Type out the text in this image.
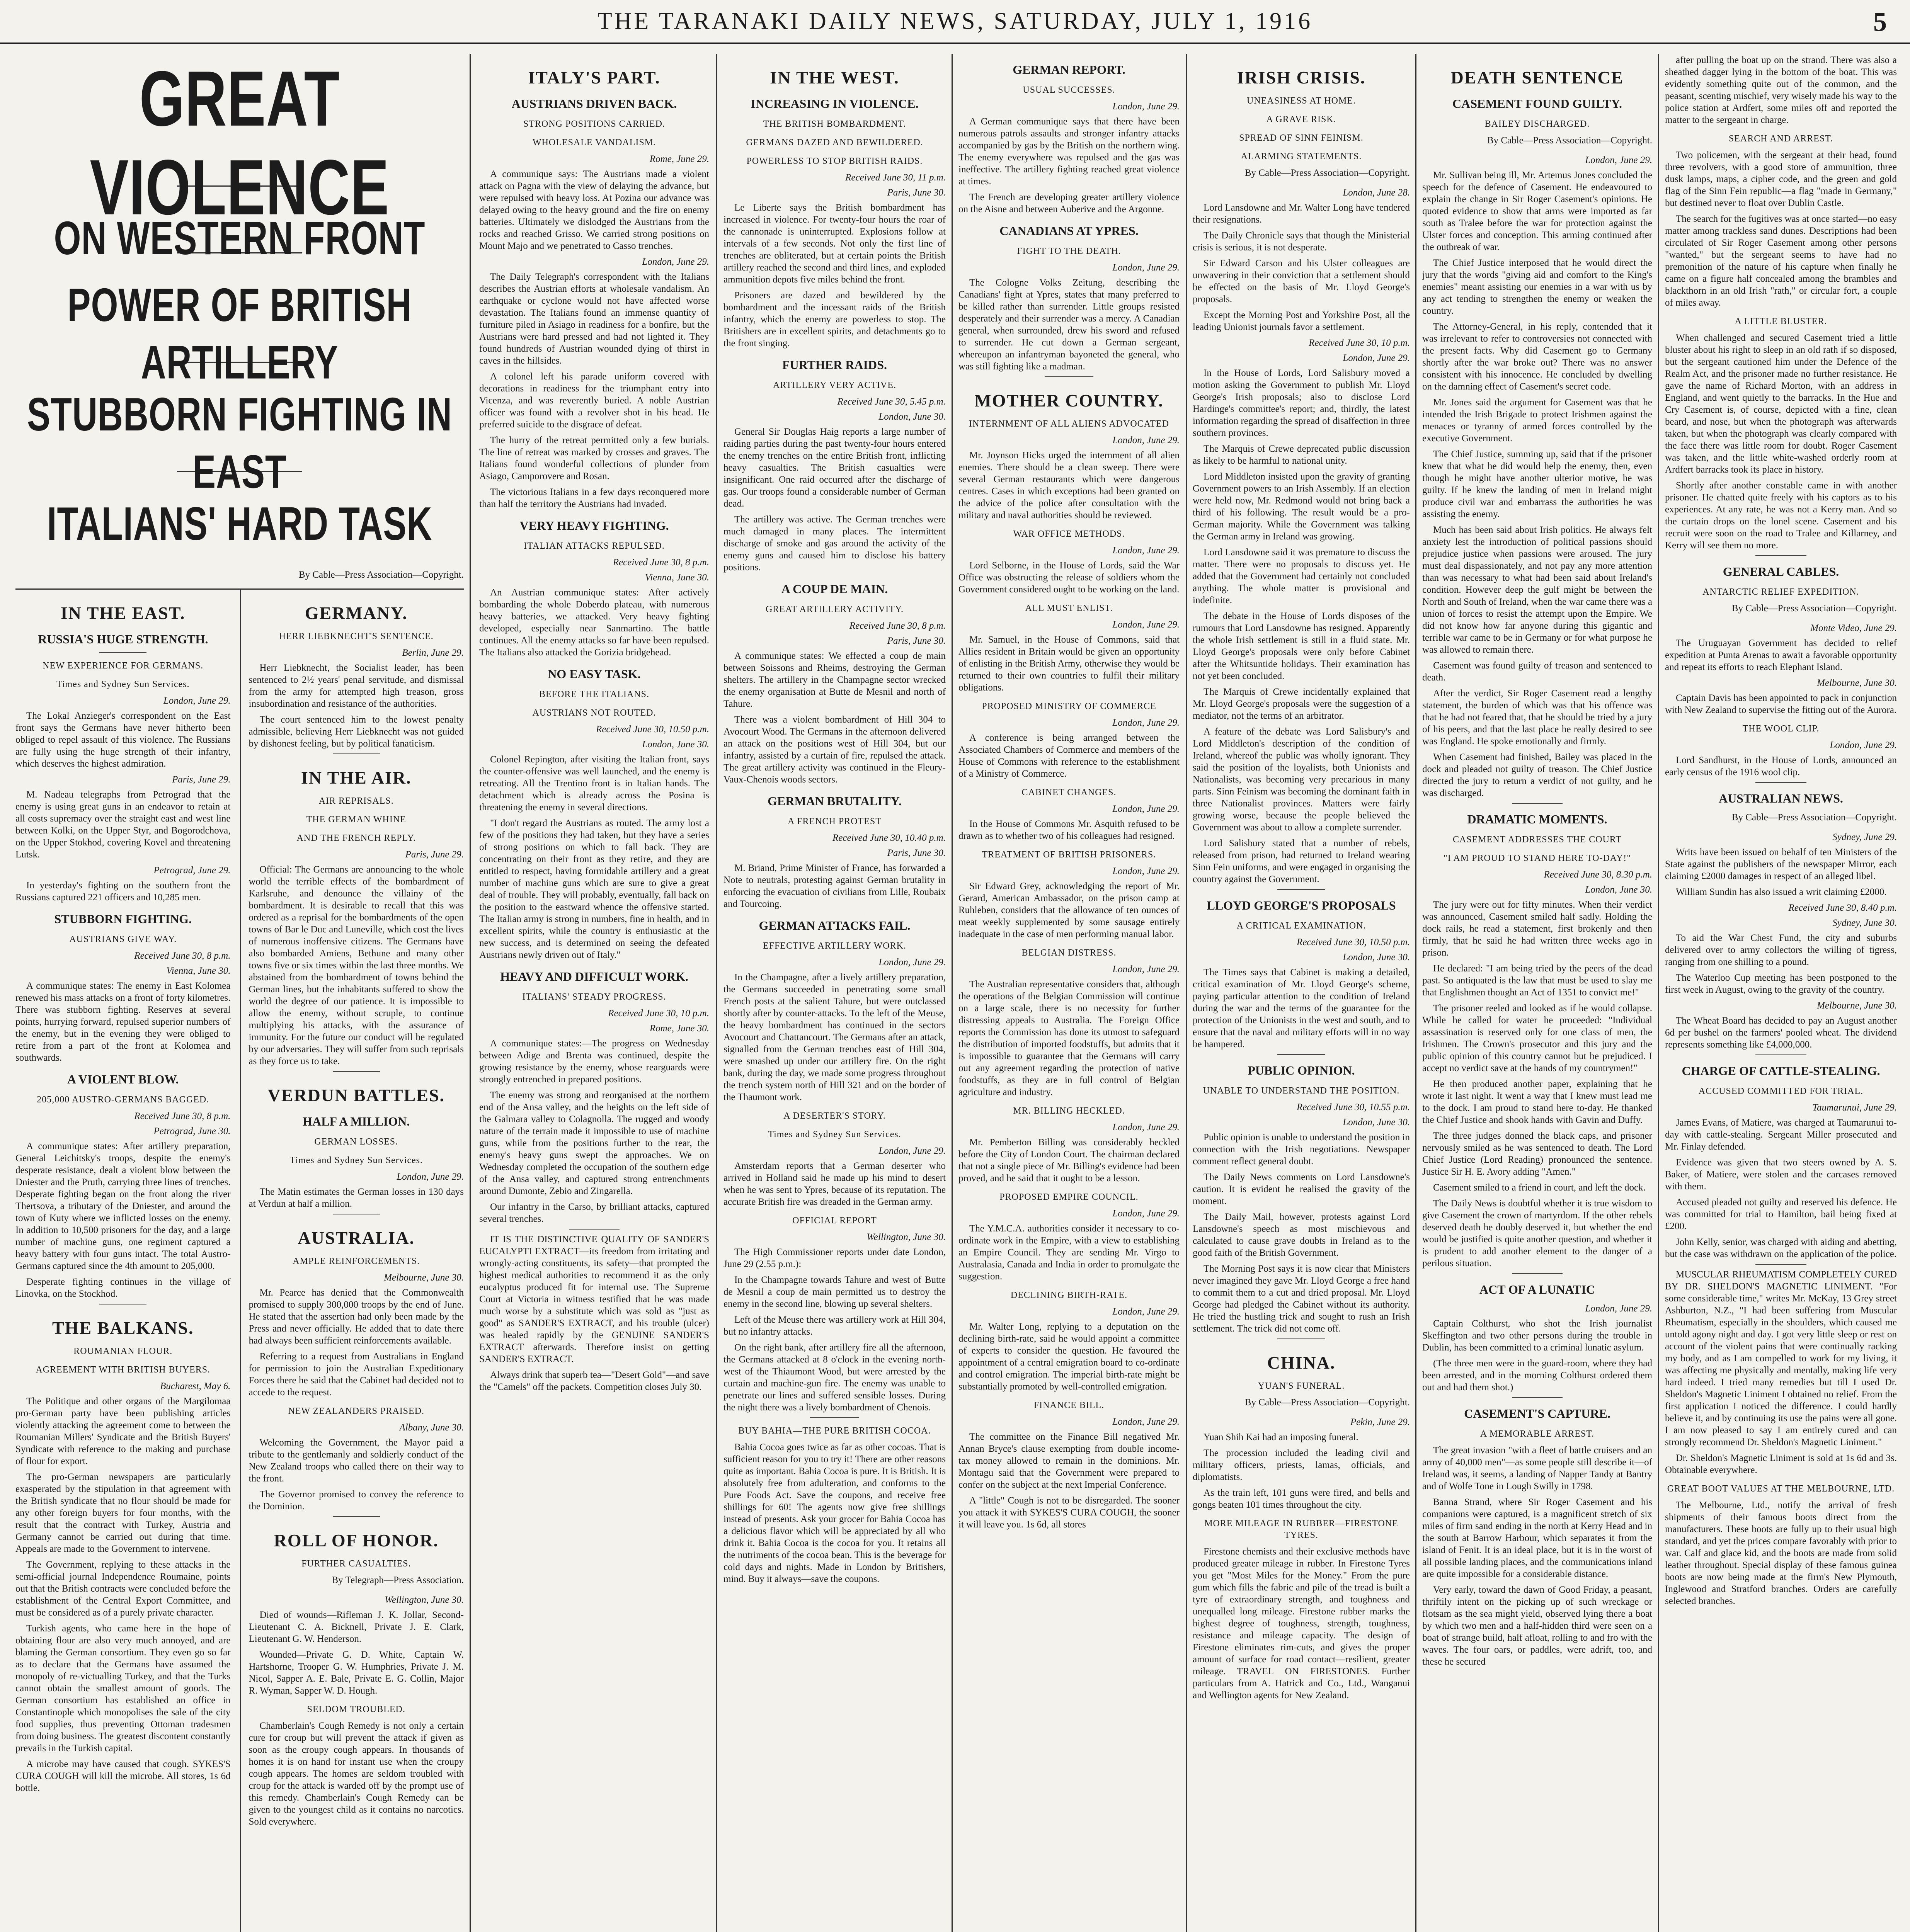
THE TARANAKI DAILY NEWS, SATURDAY, JULY 1, 1916	5
GREAT VIOLENCE
ON WESTERN FRONT
POWER OF BRITISH ARTILLERY
STUBBORN FIGHTING IN EAST
ITALIANS' HARD TASK
By Cable—Press Association—Copyright.
IN THE EAST.
RUSSIA'S HUGE STRENGTH.
NEW EXPERIENCE FOR GERMANS.
Times and Sydney Sun Services.
London, June 29.

The Lokal Anzieger's correspondent on the East front says the Germans have never hitherto been obliged to repel assault of this violence. The Russians are fully using the huge strength of their infantry, which deserves the highest admiration.

Paris, June 29.

M. Nadeau telegraphs from Petrograd that the enemy is using great guns in an endeavor to retain at all costs supremacy over the straight east and west line between Kolki, on the Upper Styr, and Bogorodchova, on the Upper Stokhod, covering Kovel and threatening Lutsk.

Petrograd, June 29.

In yesterday's fighting on the southern front the Russians captured 221 officers and 10,285 men.

STUBBORN FIGHTING.
AUSTRIANS GIVE WAY.
Received June 30, 8 p.m.
Vienna, June 30.

A communique states: The enemy in East Kolomea renewed his mass attacks on a front of forty kilometres. There was stubborn fighting. Reserves at several points, hurrying forward, repulsed superior numbers of the enemy, but in the evening they were obliged to retire from a part of the front at Kolomea and southwards.

A VIOLENT BLOW.
205,000 AUSTRO-GERMANS BAGGED.
Received June 30, 8 p.m.
Petrograd, June 30.

A communique states: After artillery preparation, General Leichitsky's troops, despite the enemy's desperate resistance, dealt a violent blow between the Dniester and the Pruth, carrying three lines of trenches. Desperate fighting began on the front along the river Thertsova, a tributary of the Dniester, and around the town of Kuty where we inflicted losses on the enemy. In addition to 10,500 prisoners for the day, and a large number of machine guns, one regiment captured a heavy battery with four guns intact. The total Austro-Germans captured since the 4th amount to 205,000.

Desperate fighting continues in the village of Linovka, on the Stockhod.

THE BALKANS.
ROUMANIAN FLOUR.
AGREEMENT WITH BRITISH BUYERS.
Bucharest, May 6.

The Politique and other organs of the Margilomaa pro-German party have been publishing articles violently attacking the agreement come to between the Roumanian Millers' Syndicate and the British Buyers' Syndicate with reference to the making and purchase of flour for export.

The pro-German newspapers are particularly exasperated by the stipulation in that agreement with the British syndicate that no flour should be made for any other foreign buyers for four months, with the result that the contract with Turkey, Austria and Germany cannot be carried out during that time. Appeals are made to the Government to intervene.

The Government, replying to these attacks in the semi-official journal Independence Roumaine, points out that the British contracts were concluded before the establishment of the Central Export Committee, and must be considered as of a purely private character.

Turkish agents, who came here in the hope of obtaining flour are also very much annoyed, and are blaming the German consortium. They even go so far as to declare that the Germans have assumed the monopoly of re-victualling Turkey, and that the Turks cannot obtain the smallest amount of goods. The German consortium has established an office in Constantinople which monopolises the sale of the city food supplies, thus preventing Ottoman tradesmen from doing business. The greatest discontent constantly prevails in the Turkish capital.

A microbe may have caused that cough. SYKES'S CURA COUGH will kill the microbe. All stores, 1s 6d bottle.

GERMANY.
HERR LIEBKNECHT'S SENTENCE.
Berlin, June 29.

Herr Liebknecht, the Socialist leader, has been sentenced to 2½ years' penal servitude, and dismissal from the army for attempted high treason, gross insubordination and resistance of the authorities.

The court sentenced him to the lowest penalty admissible, believing Herr Liebknecht was not guided by dishonest feeling, but by political fanaticism.

IN THE AIR.
AIR REPRISALS.
THE GERMAN WHINE
AND THE FRENCH REPLY.
Paris, June 29.

Official: The Germans are announcing to the whole world the terrible effects of the bombardment of Karlsruhe, and denounce the villainy of the bombardment. It is desirable to recall that this was ordered as a reprisal for the bombardments of the open towns of Bar le Duc and Luneville, which cost the lives of numerous inoffensive citizens. The Germans have also bombarded Amiens, Bethune and many other towns five or six times within the last three months. We abstained from the bombardment of towns behind the German lines, but the inhabitants suffered to show the world the degree of our patience. It is impossible to allow the enemy, without scruple, to continue multiplying his attacks, with the assurance of immunity. For the future our conduct will be regulated by our adversaries. They will suffer from such reprisals as they force us to take.

VERDUN BATTLES.
HALF A MILLION.
GERMAN LOSSES.
Times and Sydney Sun Services.
London, June 29.

The Matin estimates the German losses in 130 days at Verdun at half a million.

AUSTRALIA.
AMPLE REINFORCEMENTS.
Melbourne, June 30.

Mr. Pearce has denied that the Commonwealth promised to supply 300,000 troops by the end of June. He stated that the assertion had only been made by the Press and never officially. He added that to date there had always been sufficient reinforcements available.

Referring to a request from Australians in England for permission to join the Australian Expeditionary Forces there he said that the Cabinet had decided not to accede to the request.

NEW ZEALANDERS PRAISED.
Albany, June 30.

Welcoming the Government, the Mayor paid a tribute to the gentlemanly and soldierly conduct of the New Zealand troops who called there on their way to the front.

The Governor promised to convey the reference to the Dominion.

ROLL OF HONOR.
FURTHER CASUALTIES.
By Telegraph—Press Association.
Wellington, June 30.

Died of wounds—Rifleman J. K. Jollar, Second-Lieutenant C. A. Bicknell, Private J. E. Clark, Lieutenant G. W. Henderson.

Wounded—Private G. D. White, Captain W. Hartshorne, Trooper G. W. Humphries, Private J. M. Nicol, Sapper A. E. Bale, Private E. G. Collin, Major R. Wyman, Sapper W. D. Hough.

SELDOM TROUBLED.

Chamberlain's Cough Remedy is not only a certain cure for croup but will prevent the attack if given as soon as the croupy cough appears. In thousands of homes it is on hand for instant use when the croupy cough appears. The homes are seldom troubled with croup for the attack is warded off by the prompt use of this remedy. Chamberlain's Cough Remedy can be given to the youngest child as it contains no narcotics. Sold everywhere.

ITALY'S PART.
AUSTRIANS DRIVEN BACK.
STRONG POSITIONS CARRIED.
WHOLESALE VANDALISM.
Rome, June 29.

A communique says: The Austrians made a violent attack on Pagna with the view of delaying the advance, but were repulsed with heavy loss. At Pozina our advance was delayed owing to the heavy ground and the fire on enemy batteries. Ultimately we dislodged the Austrians from the rocks and reached Grisso. We carried strong positions on Mount Majo and we penetrated to Casso trenches.

London, June 29.

The Daily Telegraph's correspondent with the Italians describes the Austrian efforts at wholesale vandalism. An earthquake or cyclone would not have affected worse devastation. The Italians found an immense quantity of furniture piled in Asiago in readiness for a bonfire, but the Austrians were hard pressed and had not lighted it. They found hundreds of Austrian wounded dying of thirst in caves in the hillsides.

A colonel left his parade uniform covered with decorations in readiness for the triumphant entry into Vicenza, and was reverently buried. A noble Austrian officer was found with a revolver shot in his head. He preferred suicide to the disgrace of defeat.

The hurry of the retreat permitted only a few burials. The line of retreat was marked by crosses and graves. The Italians found wonderful collections of plunder from Asiago, Camporovere and Rosan.

The victorious Italians in a few days reconquered more than half the territory the Austrians had invaded.

VERY HEAVY FIGHTING.
ITALIAN ATTACKS REPULSED.
Received June 30, 8 p.m.
Vienna, June 30.

An Austrian communique states: After actively bombarding the whole Doberdo plateau, with numerous heavy batteries, we attacked. Very heavy fighting developed, especially near Sanmartino. The battle continues. All the enemy attacks so far have been repulsed. The Italians also attacked the Gorizia bridgehead.

NO EASY TASK.
BEFORE THE ITALIANS.
AUSTRIANS NOT ROUTED.
Received June 30, 10.50 p.m.
London, June 30.

Colonel Repington, after visiting the Italian front, says the counter-offensive was well launched, and the enemy is retreating. All the Trentino front is in Italian hands. The detachment which is already across the Posina is threatening the enemy in several directions.

"I don't regard the Austrians as routed. The army lost a few of the positions they had taken, but they have a series of strong positions on which to fall back. They are concentrating on their front as they retire, and they are entitled to respect, having formidable artillery and a great number of machine guns which are sure to give a great deal of trouble. They will probably, eventually, fall back on the position to the eastward whence the offensive started. The Italian army is strong in numbers, fine in health, and in excellent spirits, while the country is enthusiastic at the new success, and is determined on seeing the defeated Austrians newly driven out of Italy."

HEAVY AND DIFFICULT WORK.
ITALIANS' STEADY PROGRESS.
Received June 30, 10 p.m.
Rome, June 30.

A communique states:—The progress on Wednesday between Adige and Brenta was continued, despite the growing resistance by the enemy, whose rearguards were strongly entrenched in prepared positions.

The enemy was strong and reorganised at the northern end of the Ansa valley, and the heights on the left side of the Galmara valley to Colagnolla. The rugged and woody nature of the terrain made it impossible to use of machine guns, while from the positions further to the rear, the enemy's heavy guns swept the approaches. We on Wednesday completed the occupation of the southern edge of the Ansa valley, and captured strong entrenchments around Dumonte, Zebio and Zingarella.

Our infantry in the Carso, by brilliant attacks, captured several trenches.

IT IS THE DISTINCTIVE QUALITY OF SANDER'S EUCALYPTI EXTRACT—its freedom from irritating and wrongly-acting constituents, its safety—that prompted the highest medical authorities to recommend it as the only eucalyptus produced fit for internal use. The Supreme Court at Victoria in witness testified that he was made much worse by a substitute which was sold as "just as good" as SANDER'S EXTRACT, and his trouble (ulcer) was healed rapidly by the GENUINE SANDER'S EXTRACT afterwards. Therefore insist on getting SANDER'S EXTRACT.

Always drink that superb tea—"Desert Gold"—and save the "Camels" off the packets. Competition closes July 30.

IN THE WEST.
INCREASING IN VIOLENCE.
THE BRITISH BOMBARDMENT.
GERMANS DAZED AND BEWILDERED.
POWERLESS TO STOP BRITISH RAIDS.
Received June 30, 11 p.m.
Paris, June 30.

Le Liberte says the British bombardment has increased in violence. For twenty-four hours the roar of the cannonade is uninterrupted. Explosions follow at intervals of a few seconds. Not only the first line of trenches are obliterated, but at certain points the British artillery reached the second and third lines, and exploded ammunition depots five miles behind the front.

Prisoners are dazed and bewildered by the bombardment and the incessant raids of the British infantry, which the enemy are powerless to stop. The Britishers are in excellent spirits, and detachments go to the front singing.

FURTHER RAIDS.
ARTILLERY VERY ACTIVE.
Received June 30, 5.45 p.m.
London, June 30.

General Sir Douglas Haig reports a large number of raiding parties during the past twenty-four hours entered the enemy trenches on the entire British front, inflicting heavy casualties. The British casualties were insignificant. One raid occurred after the discharge of gas. Our troops found a considerable number of German dead.

The artillery was active. The German trenches were much damaged in many places. The intermittent discharge of smoke and gas around the activity of the enemy guns and caused him to disclose his battery positions.

A COUP DE MAIN.
GREAT ARTILLERY ACTIVITY.
Received June 30, 8 p.m.
Paris, June 30.

A communique states: We effected a coup de main between Soissons and Rheims, destroying the German shelters. The artillery in the Champagne sector wrecked the enemy organisation at Butte de Mesnil and north of Tahure.

There was a violent bombardment of Hill 304 to Avocourt Wood. The Germans in the afternoon delivered an attack on the positions west of Hill 304, but our infantry, assisted by a curtain of fire, repulsed the attack. The great artillery activity was continued in the Fleury-Vaux-Chenois woods sectors.

GERMAN BRUTALITY.
A FRENCH PROTEST
Received June 30, 10.40 p.m.
Paris, June 30.

M. Briand, Prime Minister of France, has forwarded a Note to neutrals, protesting against German brutality in enforcing the evacuation of civilians from Lille, Roubaix and Tourcoing.

GERMAN ATTACKS FAIL.
EFFECTIVE ARTILLERY WORK.
London, June 29.

In the Champagne, after a lively artillery preparation, the Germans succeeded in penetrating some small French posts at the salient Tahure, but were outclassed shortly after by counter-attacks. To the left of the Meuse, the heavy bombardment has continued in the sectors Avocourt and Chattancourt. The Germans after an attack, signalled from the German trenches east of Hill 304, were smashed up under our artillery fire. On the right bank, during the day, we made some progress throughout the trench system north of Hill 321 and on the border of the Thaumont work.

A DESERTER'S STORY.
Times and Sydney Sun Services.
London, June 29.

Amsterdam reports that a German deserter who arrived in Holland said he made up his mind to desert when he was sent to Ypres, because of its reputation. The accurate British fire was dreaded in the German army.

OFFICIAL REPORT
Wellington, June 30.

The High Commissioner reports under date London, June 29 (2.55 p.m.):

In the Champagne towards Tahure and west of Butte de Mesnil a coup de main permitted us to destroy the enemy in the second line, blowing up several shelters.

Left of the Meuse there was artillery work at Hill 304, but no infantry attacks.

On the right bank, after artillery fire all the afternoon, the Germans attacked at 8 o'clock in the evening north-west of the Thiaumont Wood, but were arrested by the curtain and machine-gun fire. The enemy was unable to penetrate our lines and suffered sensible losses. During the night there was a lively bombardment of Chenois.

BUY BAHIA—THE PURE BRITISH COCOA.

Bahia Cocoa goes twice as far as other cocoas. That is sufficient reason for you to try it! There are other reasons quite as important. Bahia Cocoa is pure. It is British. It is absolutely free from adulteration, and conforms to the Pure Foods Act. Save the coupons, and receive free shillings for 60! The agents now give free shillings instead of presents. Ask your grocer for Bahia Cocoa has a delicious flavor which will be appreciated by all who drink it. Bahia Cocoa is the cocoa for you. It retains all the nutriments of the cocoa bean. This is the beverage for cold days and nights. Made in London by Britishers, mind. Buy it always—save the coupons.

GERMAN REPORT.
USUAL SUCCESSES.
London, June 29.

A German communique says that there have been numerous patrols assaults and stronger infantry attacks accompanied by gas by the British on the northern wing. The enemy everywhere was repulsed and the gas was ineffective. The artillery fighting reached great violence at times.

The French are developing greater artillery violence on the Aisne and between Auberive and the Argonne.

CANADIANS AT YPRES.
FIGHT TO THE DEATH.
London, June 29.

The Cologne Volks Zeitung, describing the Canadians' fight at Ypres, states that many preferred to be killed rather than surrender. Little groups resisted desperately and their surrender was a mercy. A Canadian general, when surrounded, drew his sword and refused to surrender. He cut down a German sergeant, whereupon an infantryman bayoneted the general, who was still fighting like a madman.

MOTHER COUNTRY.
INTERNMENT OF ALL ALIENS ADVOCATED
London, June 29.

Mr. Joynson Hicks urged the internment of all alien enemies. There should be a clean sweep. There were several German restaurants which were dangerous centres. Cases in which exceptions had been granted on the advice of the police after consultation with the military and naval authorities should be reviewed.

WAR OFFICE METHODS.
London, June 29.

Lord Selborne, in the House of Lords, said the War Office was obstructing the release of soldiers whom the Government considered ought to be working on the land.

ALL MUST ENLIST.
London, June 29.

Mr. Samuel, in the House of Commons, said that Allies resident in Britain would be given an opportunity of enlisting in the British Army, otherwise they would be returned to their own countries to fulfil their military obligations.

PROPOSED MINISTRY OF COMMERCE
London, June 29.

A conference is being arranged between the Associated Chambers of Commerce and members of the House of Commons with reference to the establishment of a Ministry of Commerce.

CABINET CHANGES.
London, June 29.

In the House of Commons Mr. Asquith refused to be drawn as to whether two of his colleagues had resigned.

TREATMENT OF BRITISH PRISONERS.
London, June 29.

Sir Edward Grey, acknowledging the report of Mr. Gerard, American Ambassador, on the prison camp at Ruhleben, considers that the allowance of ten ounces of meat weekly supplemented by some sausage entirely inadequate in the case of men performing manual labor.

BELGIAN DISTRESS.
London, June 29.

The Australian representative considers that, although the operations of the Belgian Commission will continue on a large scale, there is no necessity for further distressing appeals to Australia. The Foreign Office reports the Commission has done its utmost to safeguard the distribution of imported foodstuffs, but admits that it is impossible to guarantee that the Germans will carry out any agreement regarding the protection of native foodstuffs, as they are in full control of Belgian agriculture and industry.

MR. BILLING HECKLED.
London, June 29.

Mr. Pemberton Billing was considerably heckled before the City of London Court. The chairman declared that not a single piece of Mr. Billing's evidence had been proved, and he said that it ought to be a lesson.

PROPOSED EMPIRE COUNCIL.
London, June 29.

The Y.M.C.A. authorities consider it necessary to co-ordinate work in the Empire, with a view to establishing an Empire Council. They are sending Mr. Virgo to Australasia, Canada and India in order to promulgate the suggestion.

DECLINING BIRTH-RATE.
London, June 29.

Mr. Walter Long, replying to a deputation on the declining birth-rate, said he would appoint a committee of experts to consider the question. He favoured the appointment of a central emigration board to co-ordinate and control emigration. The imperial birth-rate might be substantially promoted by well-controlled emigration.

FINANCE BILL.
London, June 29.

The committee on the Finance Bill negatived Mr. Annan Bryce's clause exempting from double income-tax money allowed to remain in the dominions. Mr. Montagu said that the Government were prepared to confer on the subject at the next Imperial Conference.

A "little" Cough is not to be disregarded. The sooner you attack it with SYKES'S CURA COUGH, the sooner it will leave you. 1s 6d, all stores

IRISH CRISIS.
UNEASINESS AT HOME.
A GRAVE RISK.
SPREAD OF SINN FEINISM.
ALARMING STATEMENTS.
By Cable—Press Association—Copyright.
London, June 28.

Lord Lansdowne and Mr. Walter Long have tendered their resignations.

The Daily Chronicle says that though the Ministerial crisis is serious, it is not desperate.

Sir Edward Carson and his Ulster colleagues are unwavering in their conviction that a settlement should be effected on the basis of Mr. Lloyd George's proposals.

Except the Morning Post and Yorkshire Post, all the leading Unionist journals favor a settlement.

Received June 30, 10 p.m.
London, June 29.

In the House of Lords, Lord Salisbury moved a motion asking the Government to publish Mr. Lloyd George's Irish proposals; also to disclose Lord Hardinge's committee's report; and, thirdly, the latest information regarding the spread of disaffection in three southern provinces.

The Marquis of Crewe deprecated public discussion as likely to be harmful to national unity.

Lord Middleton insisted upon the gravity of granting Government powers to an Irish Assembly. If an election were held now, Mr. Redmond would not bring back a third of his following. The result would be a pro-German majority. While the Government was talking the German army in Ireland was growing.

Lord Lansdowne said it was premature to discuss the matter. There were no proposals to discuss yet. He added that the Government had certainly not concluded anything. The whole matter is provisional and indefinite.

The debate in the House of Lords disposes of the rumours that Lord Lansdowne has resigned. Apparently the whole Irish settlement is still in a fluid state. Mr. Lloyd George's proposals were only before Cabinet after the Whitsuntide holidays. Their examination has not yet been concluded.

The Marquis of Crewe incidentally explained that Mr. Lloyd George's proposals were the suggestion of a mediator, not the terms of an arbitrator.

A feature of the debate was Lord Salisbury's and Lord Middleton's description of the condition of Ireland, whereof the public was wholly ignorant. They said the position of the loyalists, both Unionists and Nationalists, was becoming very precarious in many parts. Sinn Feinism was becoming the dominant faith in three Nationalist provinces. Matters were fairly growing worse, because the people believed the Government was about to allow a complete surrender.

Lord Salisbury stated that a number of rebels, released from prison, had returned to Ireland wearing Sinn Fein uniforms, and were engaged in organising the country against the Government.

LLOYD GEORGE'S PROPOSALS
A CRITICAL EXAMINATION.
Received June 30, 10.50 p.m.
London, June 30.

The Times says that Cabinet is making a detailed, critical examination of Mr. Lloyd George's scheme, paying particular attention to the condition of Ireland during the war and the terms of the guarantee for the protection of the Unionists in the west and south, and to ensure that the naval and military efforts will in no way be hampered.

PUBLIC OPINION.
UNABLE TO UNDERSTAND THE POSITION.
Received June 30, 10.55 p.m.
London, June 30.

Public opinion is unable to understand the position in connection with the Irish negotiations. Newspaper comment reflect general doubt.

The Daily News comments on Lord Lansdowne's caution. It is evident he realised the gravity of the moment.

The Daily Mail, however, protests against Lord Lansdowne's speech as most mischievous and calculated to cause grave doubts in Ireland as to the good faith of the British Government.

The Morning Post says it is now clear that Ministers never imagined they gave Mr. Lloyd George a free hand to commit them to a cut and dried proposal. Mr. Lloyd George had pledged the Cabinet without its authority. He tried the hustling trick and sought to rush an Irish settlement. The trick did not come off.

CHINA.
YUAN'S FUNERAL.
By Cable—Press Association—Copyright.
Pekin, June 29.

Yuan Shih Kai had an imposing funeral.

The procession included the leading civil and military officers, priests, lamas, officials, and diplomatists.

As the train left, 101 guns were fired, and bells and gongs beaten 101 times throughout the city.

MORE MILEAGE IN RUBBER—FIRESTONE TYRES.

Firestone chemists and their exclusive methods have produced greater mileage in rubber. In Firestone Tyres you get "Most Miles for the Money." From the pure gum which fills the fabric and pile of the tread is built a tyre of extraordinary strength, and toughness and unequalled long mileage. Firestone rubber marks the highest degree of toughness, strength, toughness, resistance and mileage capacity. The design of Firestone eliminates rim-cuts, and gives the proper amount of surface for road contact—resilient, greater mileage. TRAVEL ON FIRESTONES. Further particulars from A. Hatrick and Co., Ltd., Wanganui and Wellington agents for New Zealand.

DEATH SENTENCE
CASEMENT FOUND GUILTY.
BAILEY DISCHARGED.
By Cable—Press Association—Copyright.
London, June 29.

Mr. Sullivan being ill, Mr. Artemus Jones concluded the speech for the defence of Casement. He endeavoured to explain the change in Sir Roger Casement's opinions. He quoted evidence to show that arms were imported as far south as Tralee before the war for protection against the Ulster forces and conception. This arming continued after the outbreak of war.

The Chief Justice interposed that he would direct the jury that the words "giving aid and comfort to the King's enemies" meant assisting our enemies in a war with us by any act tending to strengthen the enemy or weaken the country.

The Attorney-General, in his reply, contended that it was irrelevant to refer to controversies not connected with the present facts. Why did Casement go to Germany shortly after the war broke out? There was no answer consistent with his innocence. He concluded by dwelling on the damning effect of Casement's secret code.

Mr. Jones said the argument for Casement was that he intended the Irish Brigade to protect Irishmen against the menaces or tyranny of armed forces controlled by the executive Government.

The Chief Justice, summing up, said that if the prisoner knew that what he did would help the enemy, then, even though he might have another ulterior motive, he was guilty. If he knew the landing of men in Ireland might produce civil war and embarrass the authorities he was assisting the enemy.

Much has been said about Irish politics. He always felt anxiety lest the introduction of political passions should prejudice justice when passions were aroused. The jury must deal dispassionately, and not pay any more attention than was necessary to what had been said about Ireland's condition. However deep the gulf might be between the North and South of Ireland, when the war came there was a union of forces to resist the attempt upon the Empire. We did not know how far anyone during this gigantic and terrible war came to be in Germany or for what purpose he was allowed to remain there.

Casement was found guilty of treason and sentenced to death.

After the verdict, Sir Roger Casement read a lengthy statement, the burden of which was that his offence was that he had not feared that, that he should be tried by a jury of his peers, and that the last place he really desired to see was England. He spoke emotionally and firmly.

When Casement had finished, Bailey was placed in the dock and pleaded not guilty of treason. The Chief Justice directed the jury to return a verdict of not guilty, and he was discharged.

DRAMATIC MOMENTS.
CASEMENT ADDRESSES THE COURT
"I AM PROUD TO STAND HERE TO-DAY!"
Received June 30, 8.30 p.m.
London, June 30.

The jury were out for fifty minutes. When their verdict was announced, Casement smiled half sadly. Holding the dock rails, he read a statement, first brokenly and then firmly, that he said he had written three weeks ago in prison.

He declared: "I am being tried by the peers of the dead past. So antiquated is the law that must be used to slay me that Englishmen thought an Act of 1351 to convict me!"

The prisoner reeled and looked as if he would collapse. While he called for water he proceeded: "Individual assassination is reserved only for one class of men, the Irishmen. The Crown's prosecutor and this jury and the public opinion of this country cannot but be prejudiced. I accept no verdict save at the hands of my countrymen!"

He then produced another paper, explaining that he wrote it last night. It went a way that I knew must lead me to the dock. I am proud to stand here to-day. He thanked the Chief Justice and shook hands with Gavin and Duffy.

The three judges donned the black caps, and prisoner nervously smiled as he was sentenced to death. The Lord Chief Justice (Lord Reading) pronounced the sentence. Justice Sir H. E. Avory adding "Amen."

Casement smiled to a friend in court, and left the dock.

The Daily News is doubtful whether it is true wisdom to give Casement the crown of martyrdom. If the other rebels deserved death he doubly deserved it, but whether the end would be justified is quite another question, and whether it is prudent to add another element to the danger of a perilous situation.

ACT OF A LUNATIC
London, June 29.

Captain Colthurst, who shot the Irish journalist Skeffington and two other persons during the trouble in Dublin, has been committed to a criminal lunatic asylum.

(The three men were in the guard-room, where they had been arrested, and in the morning Colthurst ordered them out and had them shot.)

CASEMENT'S CAPTURE.
A MEMORABLE ARREST.

The great invasion "with a fleet of battle cruisers and an army of 40,000 men"—as some people still describe it—of Ireland was, it seems, a landing of Napper Tandy at Bantry and of Wolfe Tone in Lough Swilly in 1798.

Banna Strand, where Sir Roger Casement and his companions were captured, is a magnificent stretch of six miles of firm sand ending in the north at Kerry Head and in the south at Barrow Harbour, which separates it from the island of Fenit. It is an ideal place, but it is in the worst of all possible landing places, and the communications inland are quite impossible for a considerable distance.

Very early, toward the dawn of Good Friday, a peasant, thriftily intent on the picking up of such wreckage or flotsam as the sea might yield, observed lying there a boat by which two men and a half-hidden third were seen on a boat of strange build, half afloat, rolling to and fro with the waves. The four oars, or paddles, were adrift, too, and these he secured

after pulling the boat up on the strand. There was also a sheathed dagger lying in the bottom of the boat. This was evidently something quite out of the common, and the peasant, scenting mischief, very wisely made his way to the police station at Ardfert, some miles off and reported the matter to the sergeant in charge.

SEARCH AND ARREST.

Two policemen, with the sergeant at their head, found three revolvers, with a good store of ammunition, three dusk lamps, maps, a cipher code, and the green and gold flag of the Sinn Fein republic—a flag "made in Germany," but destined never to float over Dublin Castle.

The search for the fugitives was at once started—no easy matter among trackless sand dunes. Descriptions had been circulated of Sir Roger Casement among other persons "wanted," but the sergeant seems to have had no premonition of the nature of his capture when finally he came on a figure half concealed among the brambles and blackthorn in an old Irish "rath," or circular fort, a couple of miles away.

A LITTLE BLUSTER.

When challenged and secured Casement tried a little bluster about his right to sleep in an old rath if so disposed, but the sergeant cautioned him under the Defence of the Realm Act, and the prisoner made no further resistance. He gave the name of Richard Morton, with an address in England, and went quietly to the barracks. In the Hue and Cry Casement is, of course, depicted with a fine, clean beard, and nose, but when the photograph was afterwards taken, but when the photograph was clearly compared with the face there was little room for doubt. Roger Casement was taken, and the little white-washed orderly room at Ardfert barracks took its place in history.

Shortly after another constable came in with another prisoner. He chatted quite freely with his captors as to his experiences. At any rate, he was not a Kerry man. And so the curtain drops on the lonel scene. Casement and his recruit were soon on the road to Tralee and Killarney, and Kerry will see them no more.

GENERAL CABLES.
ANTARCTIC RELIEF EXPEDITION.
By Cable—Press Association—Copyright.
Monte Video, June 29.

The Uruguayan Government has decided to relief expedition at Punta Arenas to await a favorable opportunity and repeat its efforts to reach Elephant Island.

Melbourne, June 30.

Captain Davis has been appointed to pack in conjunction with New Zealand to supervise the fitting out of the Aurora.

THE WOOL CLIP.
London, June 29.

Lord Sandhurst, in the House of Lords, announced an early census of the 1916 wool clip.

AUSTRALIAN NEWS.
By Cable—Press Association—Copyright.
Sydney, June 29.

Writs have been issued on behalf of ten Ministers of the State against the publishers of the newspaper Mirror, each claiming £2000 damages in respect of an alleged libel.

William Sundin has also issued a writ claiming £2000.

Received June 30, 8.40 p.m.
Sydney, June 30.

To aid the War Chest Fund, the city and suburbs delivered over to army collectors the willing of tigress, ranging from one shilling to a pound.

The Waterloo Cup meeting has been postponed to the first week in August, owing to the gravity of the country.

Melbourne, June 30.

The Wheat Board has decided to pay an August another 6d per bushel on the farmers' pooled wheat. The dividend represents something like £4,000,000.

CHARGE OF CATTLE-STEALING.
ACCUSED COMMITTED FOR TRIAL.
Taumarunui, June 29.

James Evans, of Matiere, was charged at Taumarunui to-day with cattle-stealing. Sergeant Miller prosecuted and Mr. Finlay defended.

Evidence was given that two steers owned by A. S. Baker, of Matiere, were stolen and the carcases removed with them.

Accused pleaded not guilty and reserved his defence. He was committed for trial to Hamilton, bail being fixed at £200.

John Kelly, senior, was charged with aiding and abetting, but the case was withdrawn on the application of the police.

MUSCULAR RHEUMATISM COMPLETELY CURED BY DR. SHELDON'S MAGNETIC LINIMENT. "For some considerable time," writes Mr. McKay, 13 Grey street Ashburton, N.Z., "I had been suffering from Muscular Rheumatism, especially in the shoulders, which caused me untold agony night and day. I got very little sleep or rest on account of the violent pains that were continually racking my body, and as I am compelled to work for my living, it was affecting me physically and mentally, making life very hard indeed. I tried many remedies but till I used Dr. Sheldon's Magnetic Liniment I obtained no relief. From the first application I noticed the difference. I could hardly believe it, and by continuing its use the pains were all gone. I am now pleased to say I am entirely cured and can strongly recommend Dr. Sheldon's Magnetic Liniment."

Dr. Sheldon's Magnetic Liniment is sold at 1s 6d and 3s. Obtainable everywhere.

GREAT BOOT VALUES AT THE MELBOURNE, LTD.

The Melbourne, Ltd., notify the arrival of fresh shipments of their famous boots direct from the manufacturers. These boots are fully up to their usual high standard, and yet the prices compare favorably with prior to war. Calf and glace kid, and the boots are made from solid leather throughout. Special display of these famous guinea boots are now being made at the firm's New Plymouth, Inglewood and Stratford branches. Orders are carefully selected branches.
